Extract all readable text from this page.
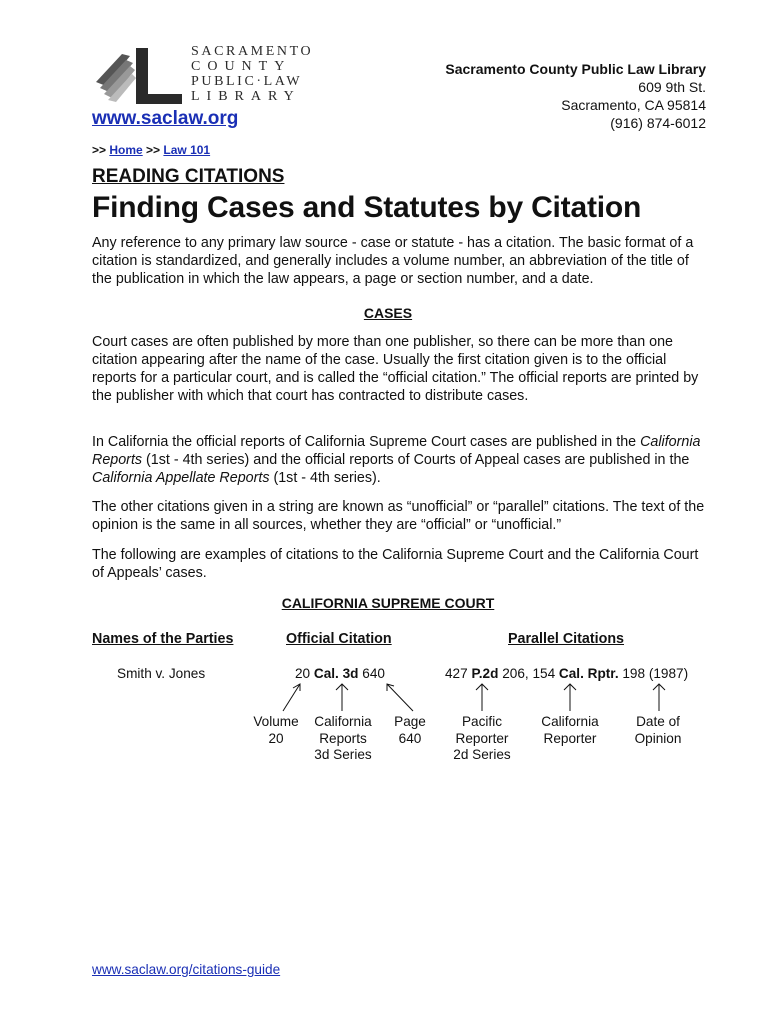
SACRAMENTO
COUNTY
PUBLIC·LAW
LIBRARY
www.saclaw.org
Sacramento County Public Law Library
609 9th St.
Sacramento, CA 95814
(916) 874-6012
>> Home >> Law 101
READING CITATIONS
Finding Cases and Statutes by Citation
Any reference to any primary law source - case or statute - has a citation. The basic format of a citation is standardized, and generally includes a volume number, an abbreviation of the title of the publication in which the law appears, a page or section number, and a date.
CASES
Court cases are often published by more than one publisher, so there can be more than one citation appearing after the name of the case. Usually the first citation given is to the official reports for a particular court, and is called the “official citation.” The official reports are printed by the publisher with which that court has contracted to distribute cases.
In California the official reports of California Supreme Court cases are published in the California Reports (1st - 4th series) and the official reports of Courts of Appeal cases are published in the California Appellate Reports (1st - 4th series).
The other citations given in a string are known as “unofficial” or “parallel” citations. The text of the opinion is the same in all sources, whether they are “official” or “unofficial.”
The following are examples of citations to the California Supreme Court and the California Court of Appeals’ cases.
CALIFORNIA SUPREME COURT
Names of the Parties	Official Citation	Parallel Citations
Smith v. Jones	20 Cal. 3d 640	427 P.2d 206, 154 Cal. Rptr. 198 (1987)
Volume
20
California
Reports
3d Series
Page
640
Pacific
Reporter
2d Series
California
Reporter
Date of
Opinion
www.saclaw.org/citations-guide
